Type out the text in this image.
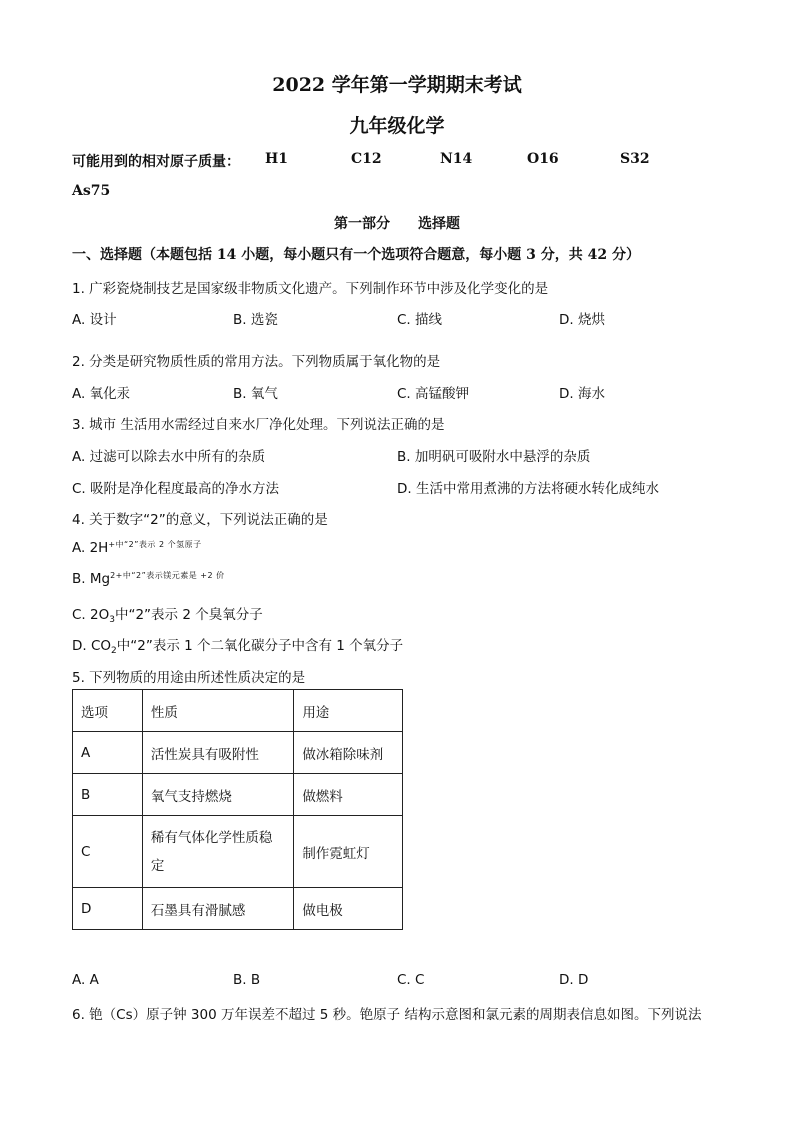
2022 学年第一学期期末考试
九年级化学
可能用到的相对原子质量： H1	C12	N14	O16	S32
As75
第一部分　　选择题
一、选择题（本题包括 14 小题，每小题只有一个选项符合题意，每小题 3 分，共 42 分）
1. 广彩瓷烧制技艺是国家级非物质文化遗产。下列制作环节中涉及化学变化的是
A. 设计	B. 选瓷	C. 描线	D. 烧烘
2. 分类是研究物质性质的常用方法。下列物质属于氧化物的是
A. 氧化汞	B. 氧气	C. 高锰酸钾	D. 海水
3. 城市 生活用水需经过自来水厂净化处理。下列说法正确的是
A. 过滤可以除去水中所有的杂质	B. 加明矾可吸附水中悬浮的杂质
C. 吸附是净化程度最高的净水方法	D. 生活中常用煮沸的方法将硬水转化成纯水
4. 关于数字“2”的意义，下列说法正确的是
A. $2H^{+中“2”表示 2 个氢原子}$
B. $Mg^{2+中“2”表示镁元素是 +2 价}$
C. $2O_3$中“2”表示 2 个臭氧分子
D. $CO_2$中“2”表示 1 个二氧化碳分子中含有 1 个氧分子
5. 下列物质的用途由所述性质决定的是
选项	性质	用途
A	活性炭具有吸附性	做冰箱除味剂
B	氧气支持燃烧	做燃料
C	稀有气体化学性质稳定	制作霓虹灯
D	石墨具有滑腻感	做电极
A. A	B. B	C. C	D. D
6. 铯（Cs）原子钟 300 万年误差不超过 5 秒。铯原子 结构示意图和氯元素的周期表信息如图。下列说法
